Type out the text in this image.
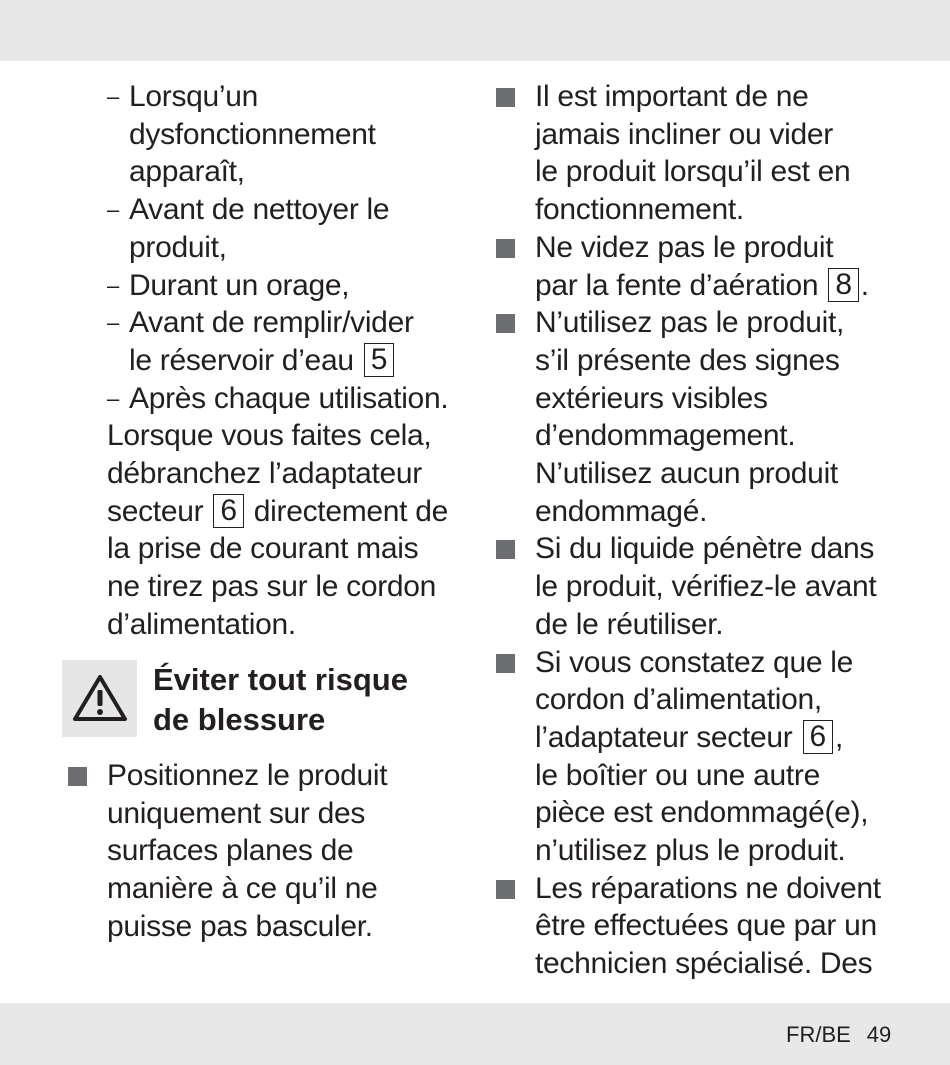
– Lorsqu’un
dysfonctionnement
apparaît,
– Avant de nettoyer le
produit,
– Durant un orage,
– Avant de remplir/vider
le réservoir d’eau 5
– Après chaque utilisation.
Lorsque vous faites cela,
débranchez l’adaptateur
secteur 6 directement de
la prise de courant mais
ne tirez pas sur le cordon
d’alimentation.
Éviter tout risque
de blessure
Positionnez le produit
uniquement sur des
surfaces planes de
manière à ce qu’il ne
puisse pas basculer.
Il est important de ne
jamais incliner ou vider
le produit lorsqu’il est en
fonctionnement.
Ne videz pas le produit
par la fente d’aération 8 .
N’utilisez pas le produit,
s’il présente des signes
extérieurs visibles
d’endommagement.
N’utilisez aucun produit
endommagé.
Si du liquide pénètre dans
le produit, vérifiez-le avant
de le réutiliser.
Si vous constatez que le
cordon d’alimentation,
l’adaptateur secteur 6 ,
le boîtier ou une autre
pièce est endommagé(e),
n’utilisez plus le produit.
Les réparations ne doivent
être effectuées que par un
technicien spécialisé. Des
FR/BE 49
